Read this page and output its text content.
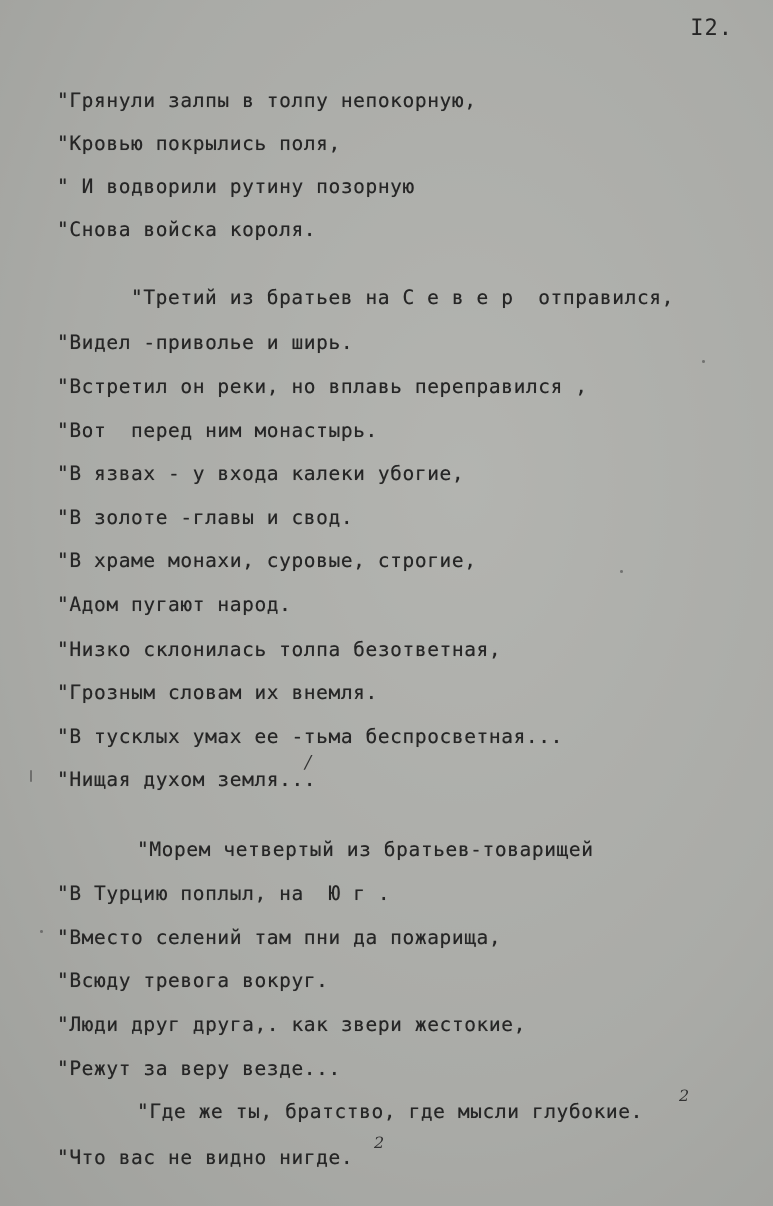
I2.
"Грянули залпы в толпу непокорную,
"Кровью покрылись поля,
" И водворили рутину позорную
"Снова войска короля.
"Третий из братьев на С е в е р  отправился,
"Видел -приволье и ширь.
"Встретил он реки, но вплавь переправился ,
"Вот  перед ним монастырь.
"В язвах - у входа калеки убогие,
"В золоте -главы и свод.
"В храме монахи, суровые, строгие,
"Адом пугают народ.
"Низко склонилась толпа безответная,
"Грозным словам их внемля.
"В тусклых умах ее -тьма беспросветная...
"Нищая духом земля...
"Морем четвертый из братьев-товарищей
"В Турцию поплыл, на  Ю г .
"Вместо селений там пни да пожарища,
"Всюду тревога вокруг.
"Люди друг друга,. как звери жестокие,
"Режут за веру везде...
"Где же ты, братство, где мысли глубокие.
"Что вас не видно нигде.
/
2
2
